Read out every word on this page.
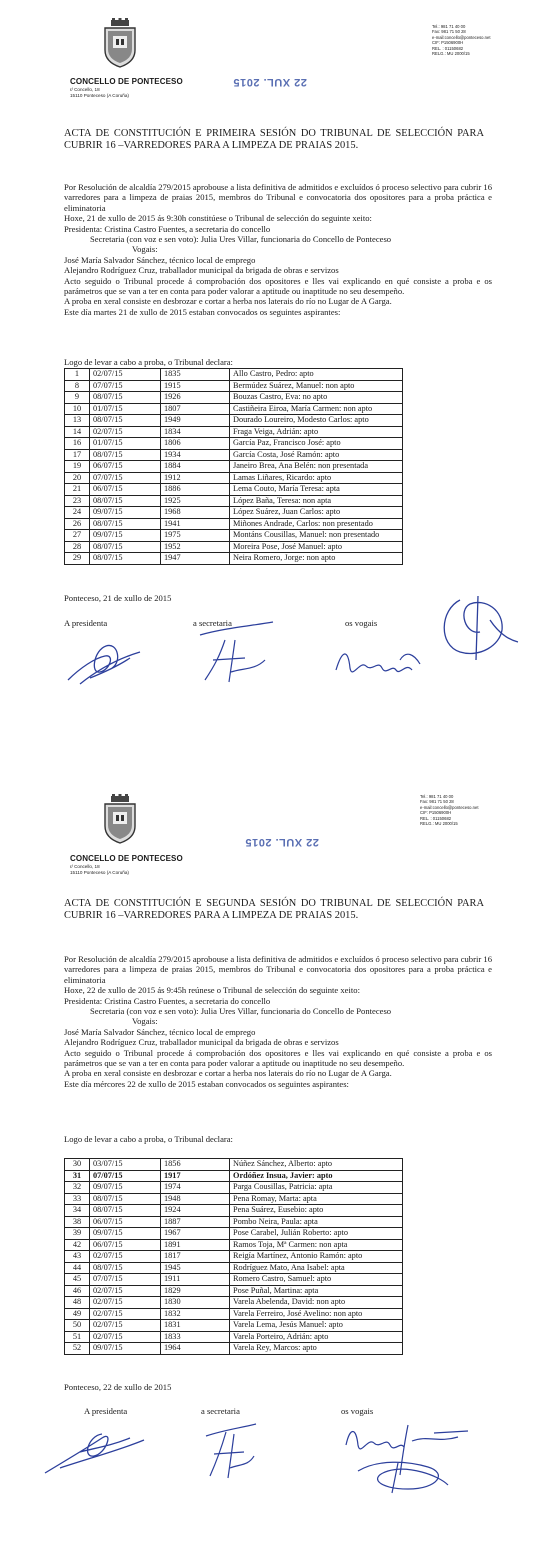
CONCELLO DE PONTECESO
r/ Concello, 18
15110 Ponteceso (A Coruña)
22 XUL. 2015
Tel.: 981 71 40 00
Fax: 981 71 50 28
e-mail:concello@ponteceso.net
CIF: P1506900H
REL. : 01150682
RELG.: MU 2000/15
ACTA DE CONSTITUCIÓN E PRIMEIRA SESIÓN DO TRIBUNAL DE SELECCIÓN PARA CUBRIR 16 –VARREDORES PARA A LIMPEZA DE PRAIAS 2015.

Por Resolución de alcaldía 279/2015 aprobouse a lista definitiva de admitidos e excluídos ó proceso selectivo para cubrir 16 varredores para a limpeza de praias 2015, membros do Tribunal e convocatoria dos opositores para a proba práctica e eliminatoria

Hoxe, 21 de xullo de 2015 ás 9:30h constitúese o Tribunal de selección do seguinte xeito:

Presidenta: Cristina Castro Fuentes, a secretaria do concello

Secretaria (con voz e sen voto): Julia Ures Villar, funcionaria do Concello de Ponteceso

Vogais:

José María Salvador Sánchez, técnico local de emprego

Alejandro Rodríguez Cruz, traballador municipal da brigada de obras e servizos

Acto seguido o Tribunal procede á comprobación dos opositores e lles vai explicando en qué consiste a proba e os parámetros que se van a ter en conta para poder valorar a aptitude ou inaptitude no seu desempeño.

A proba en xeral consiste en desbrozar e cortar a herba nos laterais do río no Lugar de A Garga.

Este día martes 21 de xullo de 2015 estaban convocados os seguintes aspirantes:

Logo de levar a cabo a proba, o Tribunal declara:
1	02/07/15	1835	Allo Castro, Pedro: apto
8	07/07/15	1915	Bermúdez Suárez, Manuel: non apto
9	08/07/15	1926	Bouzas Castro, Eva: no apto
10	01/07/15	1807	Castiñeira Eiroa, María Carmen: non apto
13	08/07/15	1949	Dourado Loureiro, Modesto Carlos: apto
14	02/07/15	1834	Fraga Veiga, Adrián: apto
16	01/07/15	1806	García Paz, Francisco José: apto
17	08/07/15	1934	García Costa, José Ramón: apto
19	06/07/15	1884	Janeiro Brea, Ana Belén: non presentada
20	07/07/15	1912	Lamas Liñares, Ricardo: apto
21	06/07/15	1886	Lema Couto, María Teresa: apta
23	08/07/15	1925	López Baña, Teresa: non apta
24	09/07/15	1968	López Suárez, Juan Carlos: apto
26	08/07/15	1941	Miñones Andrade, Carlos: non presentado
27	09/07/15	1975	Montáns Cousillas, Manuel: non presentado
28	08/07/15	1952	Moreira Pose, José Manuel: apto
29	08/07/15	1947	Neira Romero, Jorge: non apto
Ponteceso, 21 de xullo de 2015
A presidenta	a secretaria	os vogais
CONCELLO DE PONTECESO
r/ Concello, 18
15110 Ponteceso (A Coruña)
22 XUL. 2015
Tel.: 981 71 40 00
Fax: 981 71 50 28
e-mail:concello@ponteceso.net
CIF: P1506900H
REL. : 01150682
RELG.: MU 2000/15
ACTA DE CONSTITUCIÓN E SEGUNDA SESIÓN DO TRIBUNAL DE SELECCIÓN PARA CUBRIR 16 –VARREDORES PARA A LIMPEZA DE PRAIAS 2015.

Por Resolución de alcaldía 279/2015 aprobouse a lista definitiva de admitidos e excluídos ó proceso selectivo para cubrir 16 varredores para a limpeza de praias 2015, membros do Tribunal e convocatoria dos opositores para a proba práctica e eliminatoria

Hoxe, 22 de xullo de 2015 ás 9:45h reúnese o Tribunal de selección do seguinte xeito:

Presidenta: Cristina Castro Fuentes, a secretaria do concello

Secretaria (con voz e sen voto): Julia Ures Villar, funcionaria do Concello de Ponteceso

Vogais:

José María Salvador Sánchez, técnico local de emprego

Alejandro Rodríguez Cruz, traballador municipal da brigada de obras e servizos

Acto seguido o Tribunal procede á comprobación dos opositores e lles vai explicando en qué consiste a proba e os parámetros que se van a ter en conta para poder valorar a aptitude ou inaptitude no seu desempeño.

A proba en xeral consiste en desbrozar e cortar a herba nos laterais do río no Lugar de A Garga.

Este día mércores 22 de xullo de 2015 estaban convocados os seguintes aspirantes:

Logo de levar a cabo a proba, o Tribunal declara:
30	03/07/15	1856	Núñez Sánchez, Alberto: apto
31	07/07/15	1917	Ordóñez Insua, Javier: apto
32	09/07/15	1974	Parga Cousillas, Patricia: apta
33	08/07/15	1948	Pena Romay, Marta: apta
34	08/07/15	1924	Pena Suárez, Eusebio: apto
38	06/07/15	1887	Pombo Neira, Paula: apta
39	09/07/15	1967	Pose Carabel, Julián Roberto: apto
42	06/07/15	1891	Ramos Toja, Mª Carmen: non apta
43	02/07/15	1817	Reigía Martínez, Antonio Ramón: apto
44	08/07/15	1945	Rodríguez Mato, Ana Isabel: apta
45	07/07/15	1911	Romero Castro, Samuel: apto
46	02/07/15	1829	Pose Puñal, Martina: apta
48	02/07/15	1830	Varela Abelenda, David: non apto
49	02/07/15	1832	Varela Ferreiro, José Avelino: non apto
50	02/07/15	1831	Varela Lema, Jesús Manuel: apto
51	02/07/15	1833	Varela Porteiro, Adrián: apto
52	09/07/15	1964	Varela Rey, Marcos: apto
Ponteceso, 22 de xullo de 2015
A presidenta	a secretaria	os vogais
